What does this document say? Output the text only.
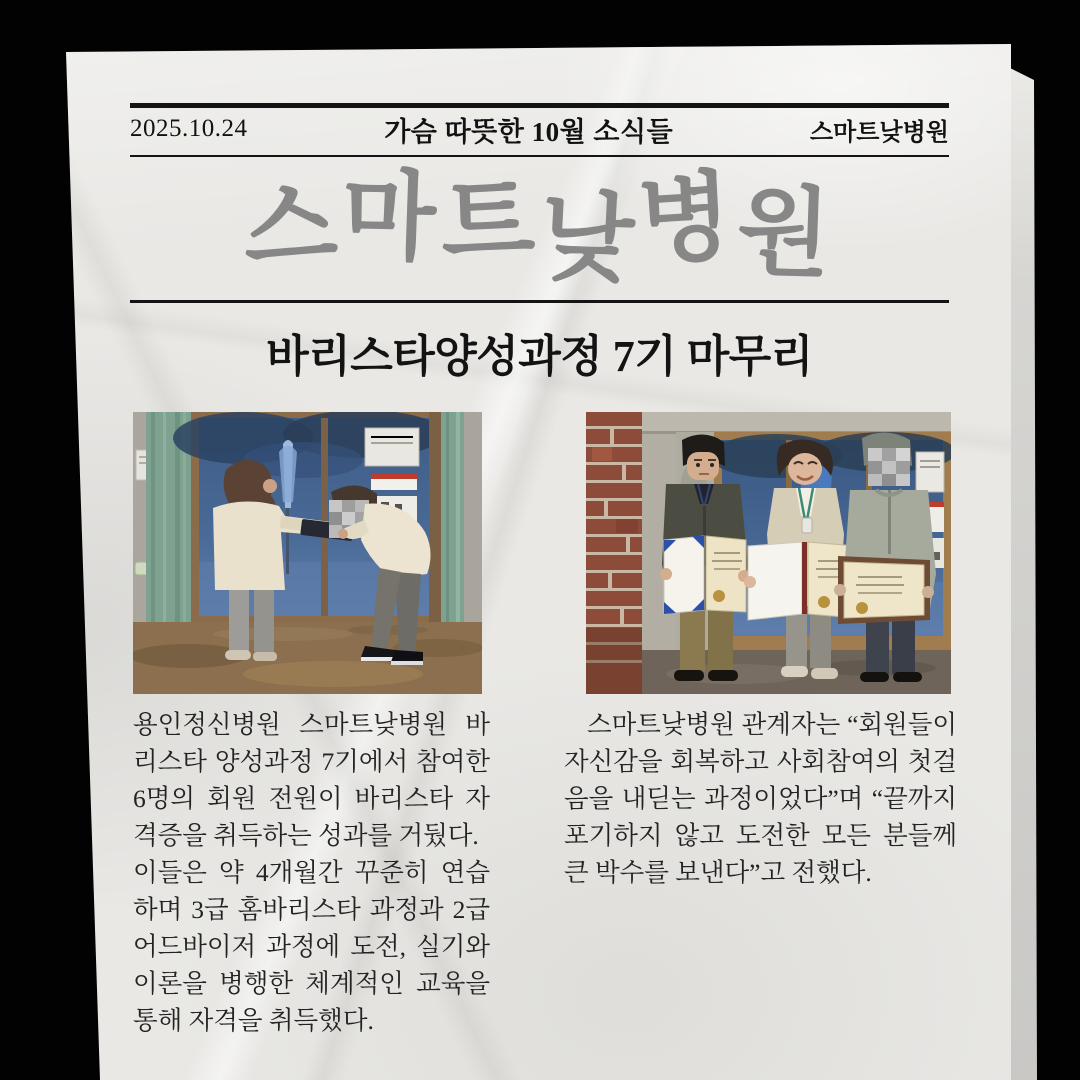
2025.10.24	가슴 따뜻한 10월 소식들	스마트낮병원
스마트낮병원
바리스타양성과정 7기 마무리

용인정신병원 스마트낮병원 바리스타 양성과정 7기에서 참여한 6명의 회원 전원이 바리스타 자격증을 취득하는 성과를 거뒀다.

이들은 약 4개월간 꾸준히 연습하며 3급 홈바리스타 과정과 2급 어드바이저 과정에 도전, 실기와 이론을 병행한 체계적인 교육을 통해 자격을 취득했다.

스마트낮병원 관계자는 “회원들이 자신감을 회복하고 사회참여의 첫걸음을 내딛는 과정이었다”며 “끝까지 포기하지 않고 도전한 모든 분들께 큰 박수를 보낸다”고 전했다.
